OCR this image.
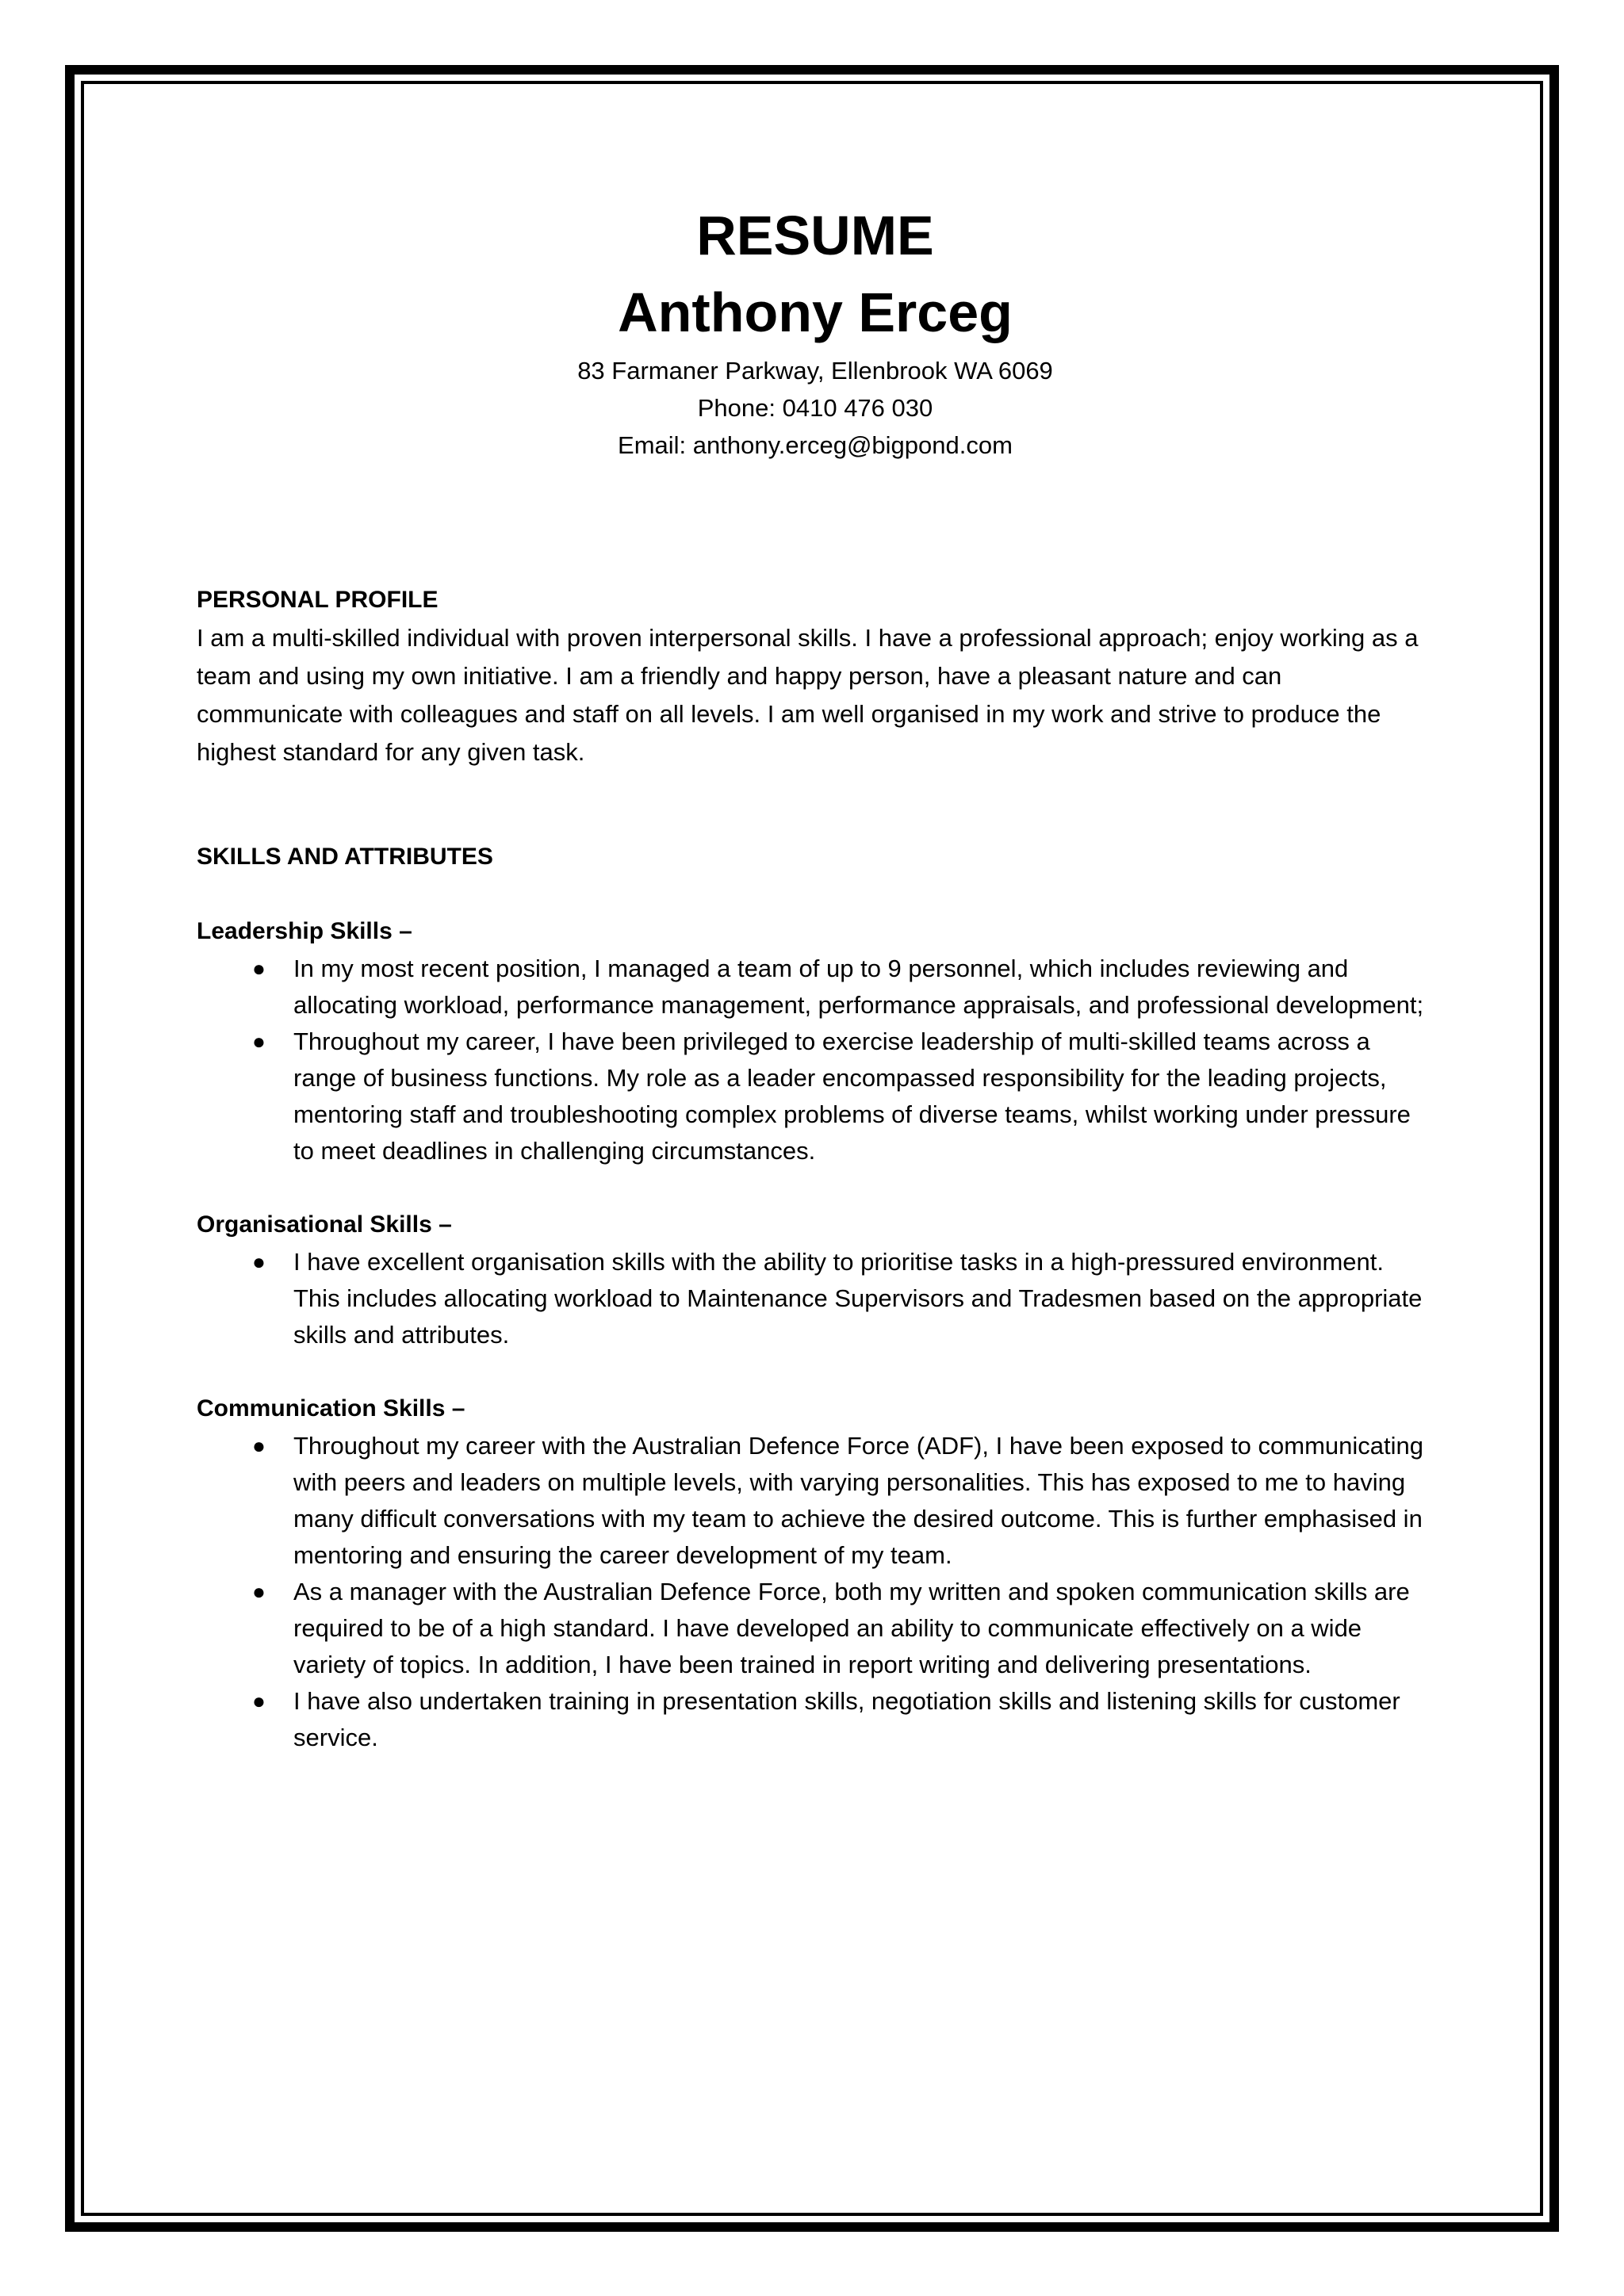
RESUME

Anthony Erceg

83 Farmaner Parkway, Ellenbrook WA 6069

Phone: 0410 476 030

Email: anthony.erceg@bigpond.com

PERSONAL PROFILE

I am a multi-skilled individual with proven interpersonal skills. I have a professional approach; enjoy working as a team and using my own initiative. I am a friendly and happy person, have a pleasant nature and can communicate with colleagues and staff on all levels. I am well organised in my work and strive to produce the highest standard for any given task.

SKILLS AND ATTRIBUTES

Leadership Skills –

● In my most recent position, I managed a team of up to 9 personnel, which includes reviewing and allocating workload, performance management, performance appraisals, and professional development;
● Throughout my career, I have been privileged to exercise leadership of multi-skilled teams across a range of business functions. My role as a leader encompassed responsibility for the leading projects, mentoring staff and troubleshooting complex problems of diverse teams, whilst working under pressure to meet deadlines in challenging circumstances.

Organisational Skills –

● I have excellent organisation skills with the ability to prioritise tasks in a high-pressured environment. This includes allocating workload to Maintenance Supervisors and Tradesmen based on the appropriate skills and attributes.

Communication Skills –

● Throughout my career with the Australian Defence Force (ADF), I have been exposed to communicating with peers and leaders on multiple levels, with varying personalities. This has exposed to me to having many difficult conversations with my team to achieve the desired outcome. This is further emphasised in mentoring and ensuring the career development of my team.
● As a manager with the Australian Defence Force, both my written and spoken communication skills are required to be of a high standard. I have developed an ability to communicate effectively on a wide variety of topics. In addition, I have been trained in report writing and delivering presentations.
● I have also undertaken training in presentation skills, negotiation skills and listening skills for customer service.
